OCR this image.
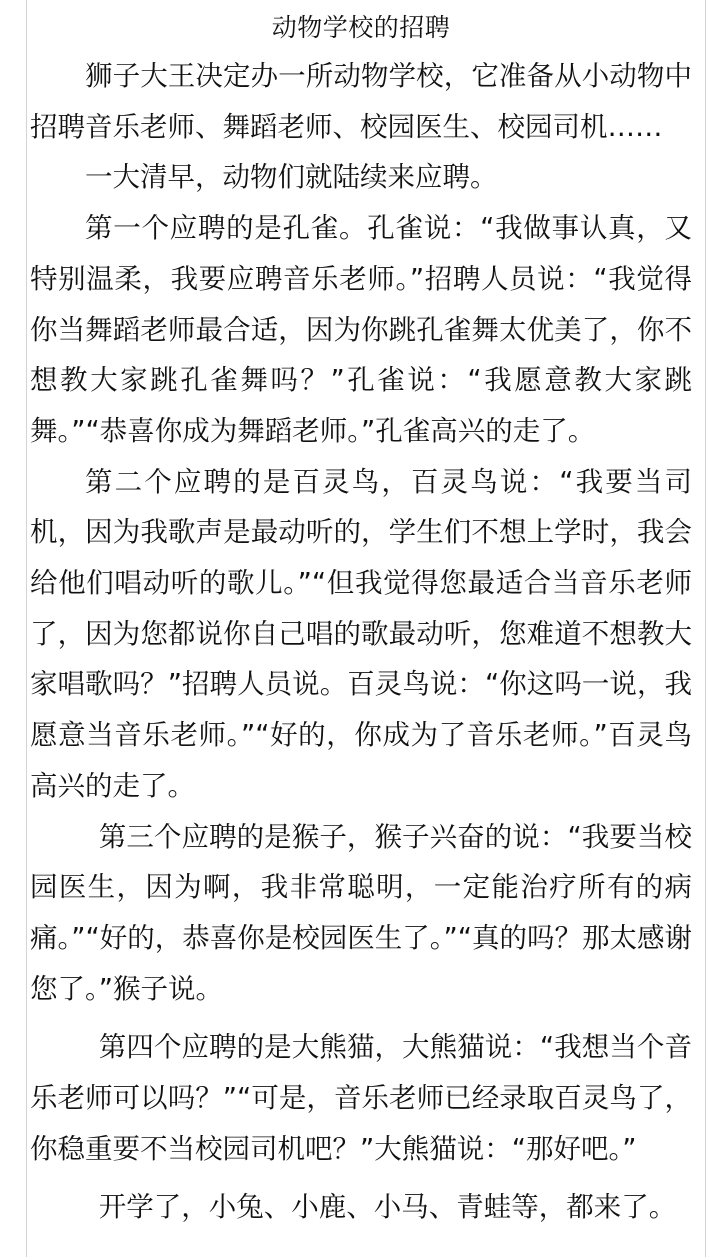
动物学校的招聘

狮子大王决定办一所动物学校，它准备从小动物中招聘音乐老师、舞蹈老师、校园医生、校园司机……

一大清早，动物们就陆续来应聘。

第一个应聘的是孔雀。孔雀说：“我做事认真，又特别温柔，我要应聘音乐老师。”招聘人员说：“我觉得你当舞蹈老师最合适，因为你跳孔雀舞太优美了，你不想教大家跳孔雀舞吗？”孔雀说：“我愿意教大家跳舞。”“恭喜你成为舞蹈老师。”孔雀高兴的走了。

第二个应聘的是百灵鸟，百灵鸟说：“我要当司机，因为我歌声是最动听的，学生们不想上学时，我会给他们唱动听的歌儿。”“但我觉得您最适合当音乐老师了，因为您都说你自己唱的歌最动听，您难道不想教大家唱歌吗？”招聘人员说。百灵鸟说：“你这吗一说，我愿意当音乐老师。”“好的，你成为了音乐老师。”百灵鸟高兴的走了。

第三个应聘的是猴子，猴子兴奋的说：“我要当校园医生，因为啊，我非常聪明，一定能治疗所有的病痛。”“好的，恭喜你是校园医生了。”“真的吗？那太感谢您了。”猴子说。

第四个应聘的是大熊猫，大熊猫说：“我想当个音乐老师可以吗？”“可是，音乐老师已经录取百灵鸟了，你稳重要不当校园司机吧？”大熊猫说：“那好吧。”

开学了，小兔、小鹿、小马、青蛙等，都来了。
